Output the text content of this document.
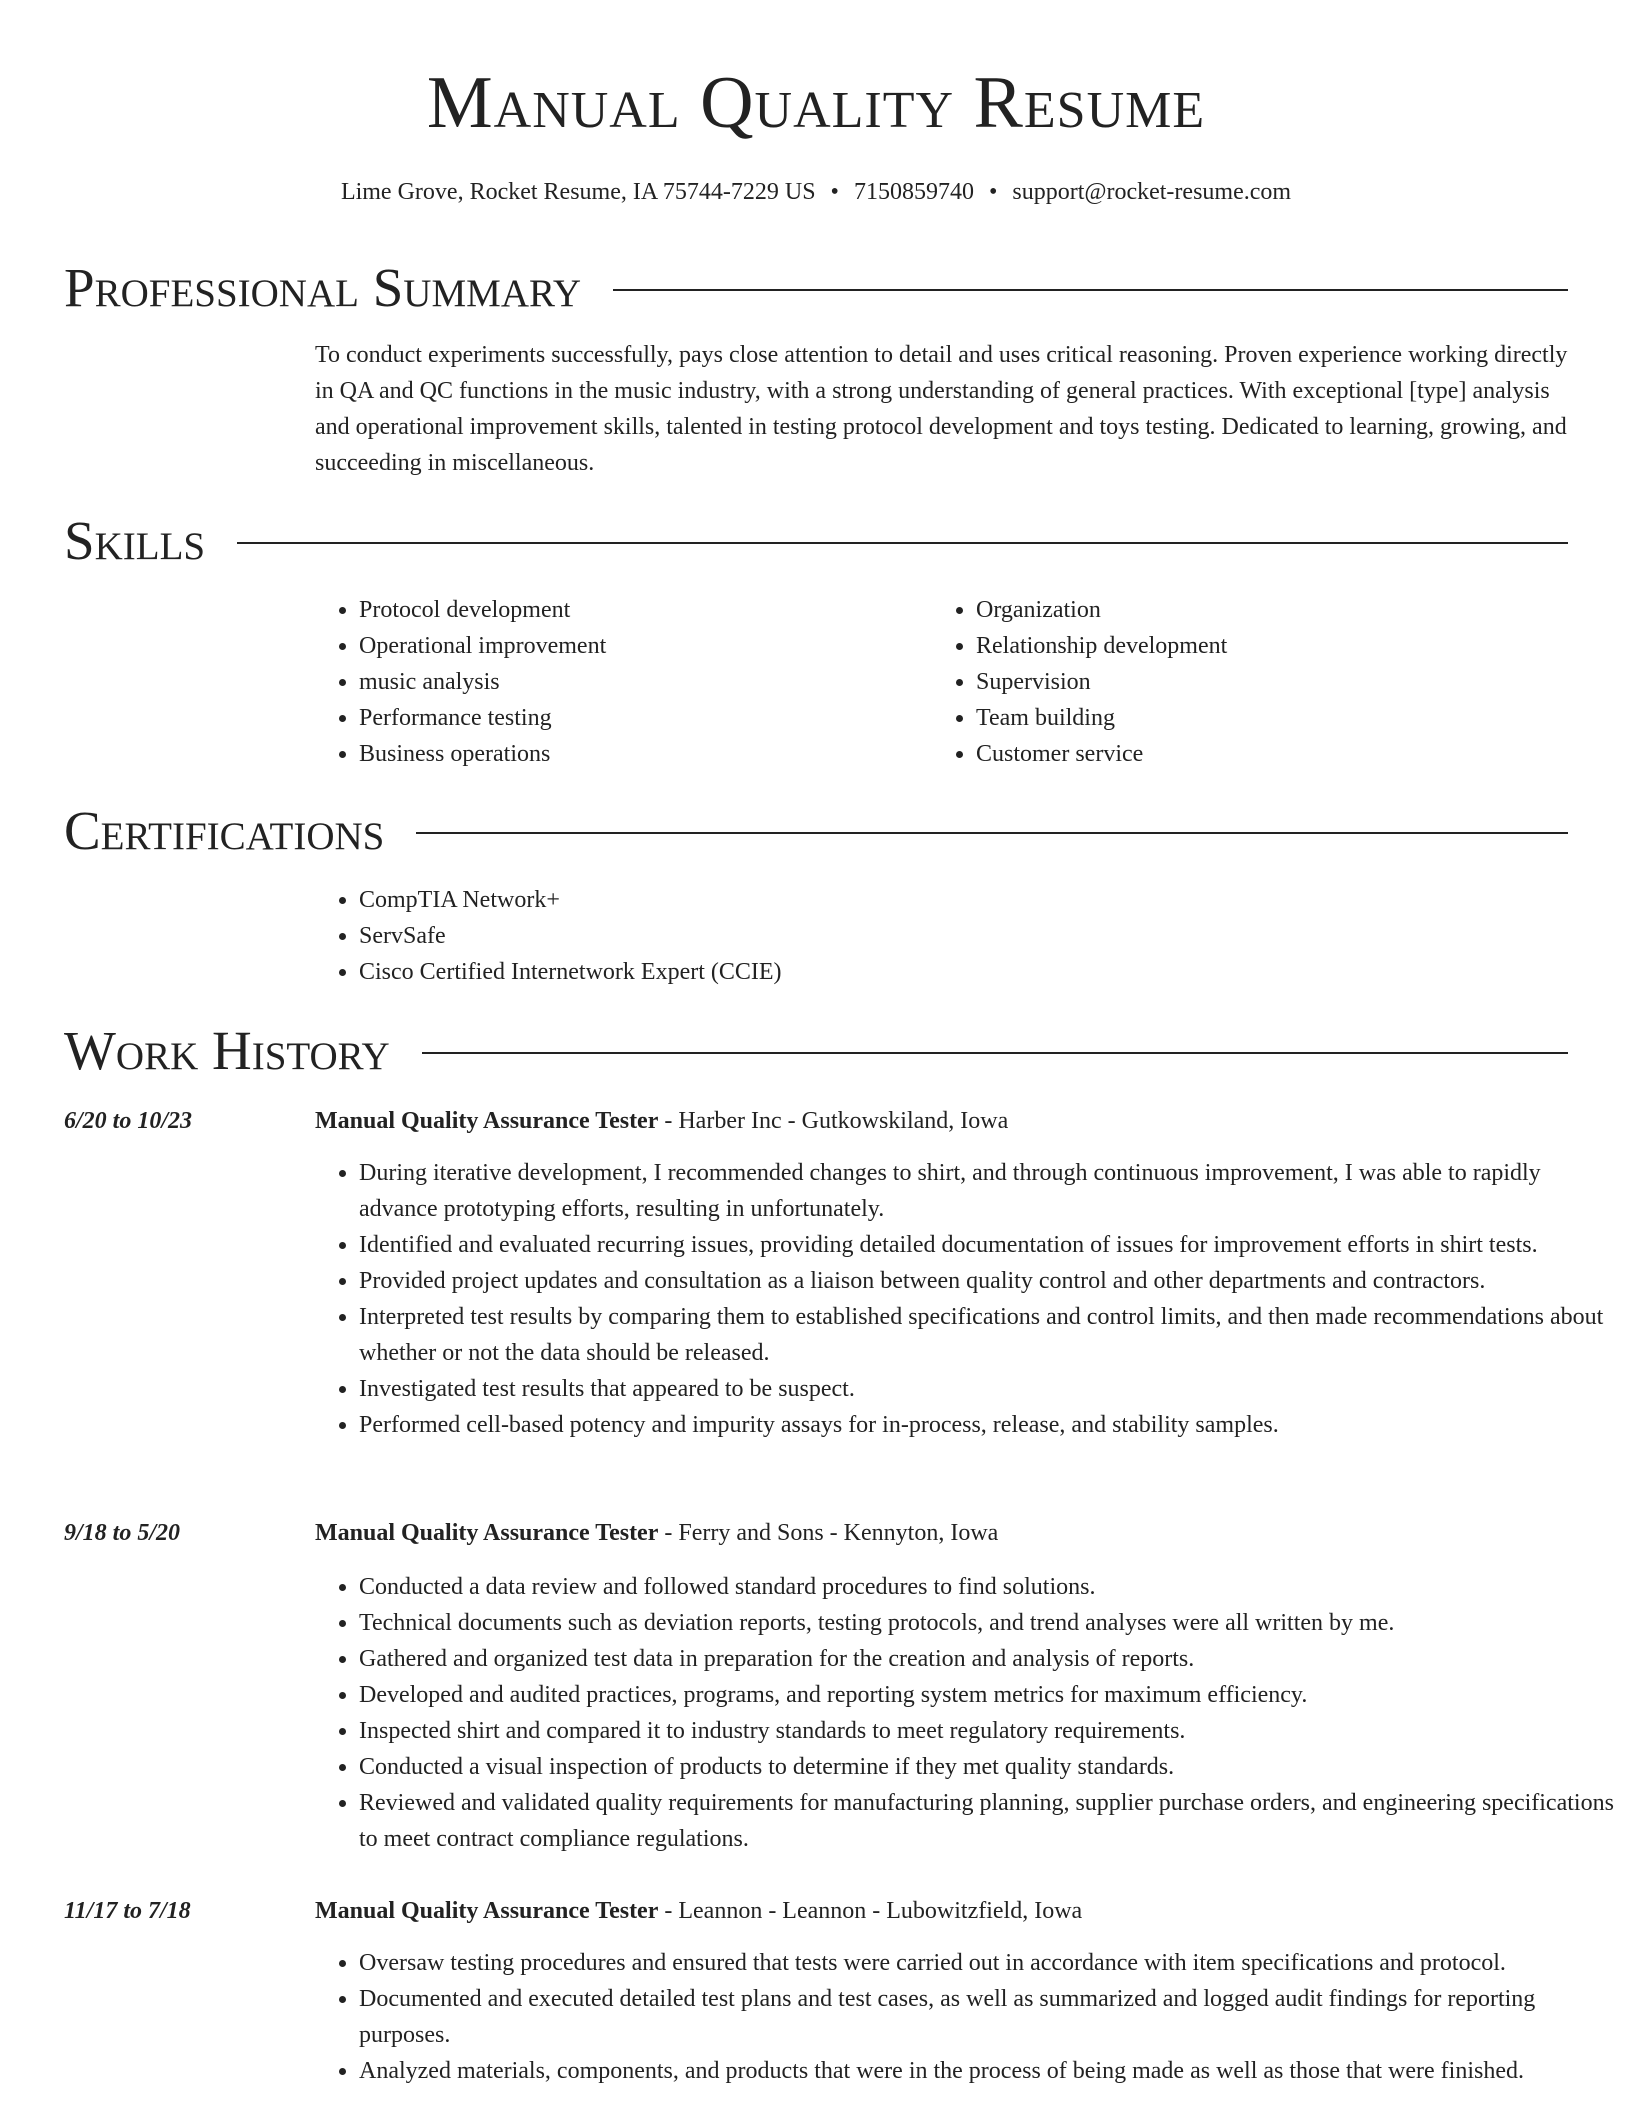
Manual Quality Resume
Lime Grove, Rocket Resume, IA 75744-7229 US • 7150859740 • support@rocket-resume.com
Professional Summary

To conduct experiments successfully, pays close attention to detail and uses critical reasoning. Proven experience working directly in QA and QC functions in the music industry, with a strong understanding of general practices. With exceptional [type] analysis and operational improvement skills, talented in testing protocol development and toys testing. Dedicated to learning, growing, and succeeding in miscellaneous.

Skills
• Protocol development
• Operational improvement
• music analysis
• Performance testing
• Business operations
• Organization
• Relationship development
• Supervision
• Team building
• Customer service
Certifications
• CompTIA Network+
• ServSafe
• Cisco Certified Internetwork Expert (CCIE)
Work History
6/20 to 10/23	Manual Quality Assurance Tester - Harber Inc - Gutkowskiland, Iowa
• During iterative development, I recommended changes to shirt, and through continuous improvement, I was able to rapidly advance prototyping efforts, resulting in unfortunately.
• Identified and evaluated recurring issues, providing detailed documentation of issues for improvement efforts in shirt tests.
• Provided project updates and consultation as a liaison between quality control and other departments and contractors.
• Interpreted test results by comparing them to established specifications and control limits, and then made recommendations about whether or not the data should be released.
• Investigated test results that appeared to be suspect.
• Performed cell-based potency and impurity assays for in-process, release, and stability samples.
9/18 to 5/20	Manual Quality Assurance Tester - Ferry and Sons - Kennyton, Iowa
• Conducted a data review and followed standard procedures to find solutions.
• Technical documents such as deviation reports, testing protocols, and trend analyses were all written by me.
• Gathered and organized test data in preparation for the creation and analysis of reports.
• Developed and audited practices, programs, and reporting system metrics for maximum efficiency.
• Inspected shirt and compared it to industry standards to meet regulatory requirements.
• Conducted a visual inspection of products to determine if they met quality standards.
• Reviewed and validated quality requirements for manufacturing planning, supplier purchase orders, and engineering specifications to meet contract compliance regulations.
11/17 to 7/18	Manual Quality Assurance Tester - Leannon - Leannon - Lubowitzfield, Iowa
• Oversaw testing procedures and ensured that tests were carried out in accordance with item specifications and protocol.
• Documented and executed detailed test plans and test cases, as well as summarized and logged audit findings for reporting purposes.
• Analyzed materials, components, and products that were in the process of being made as well as those that were finished.
